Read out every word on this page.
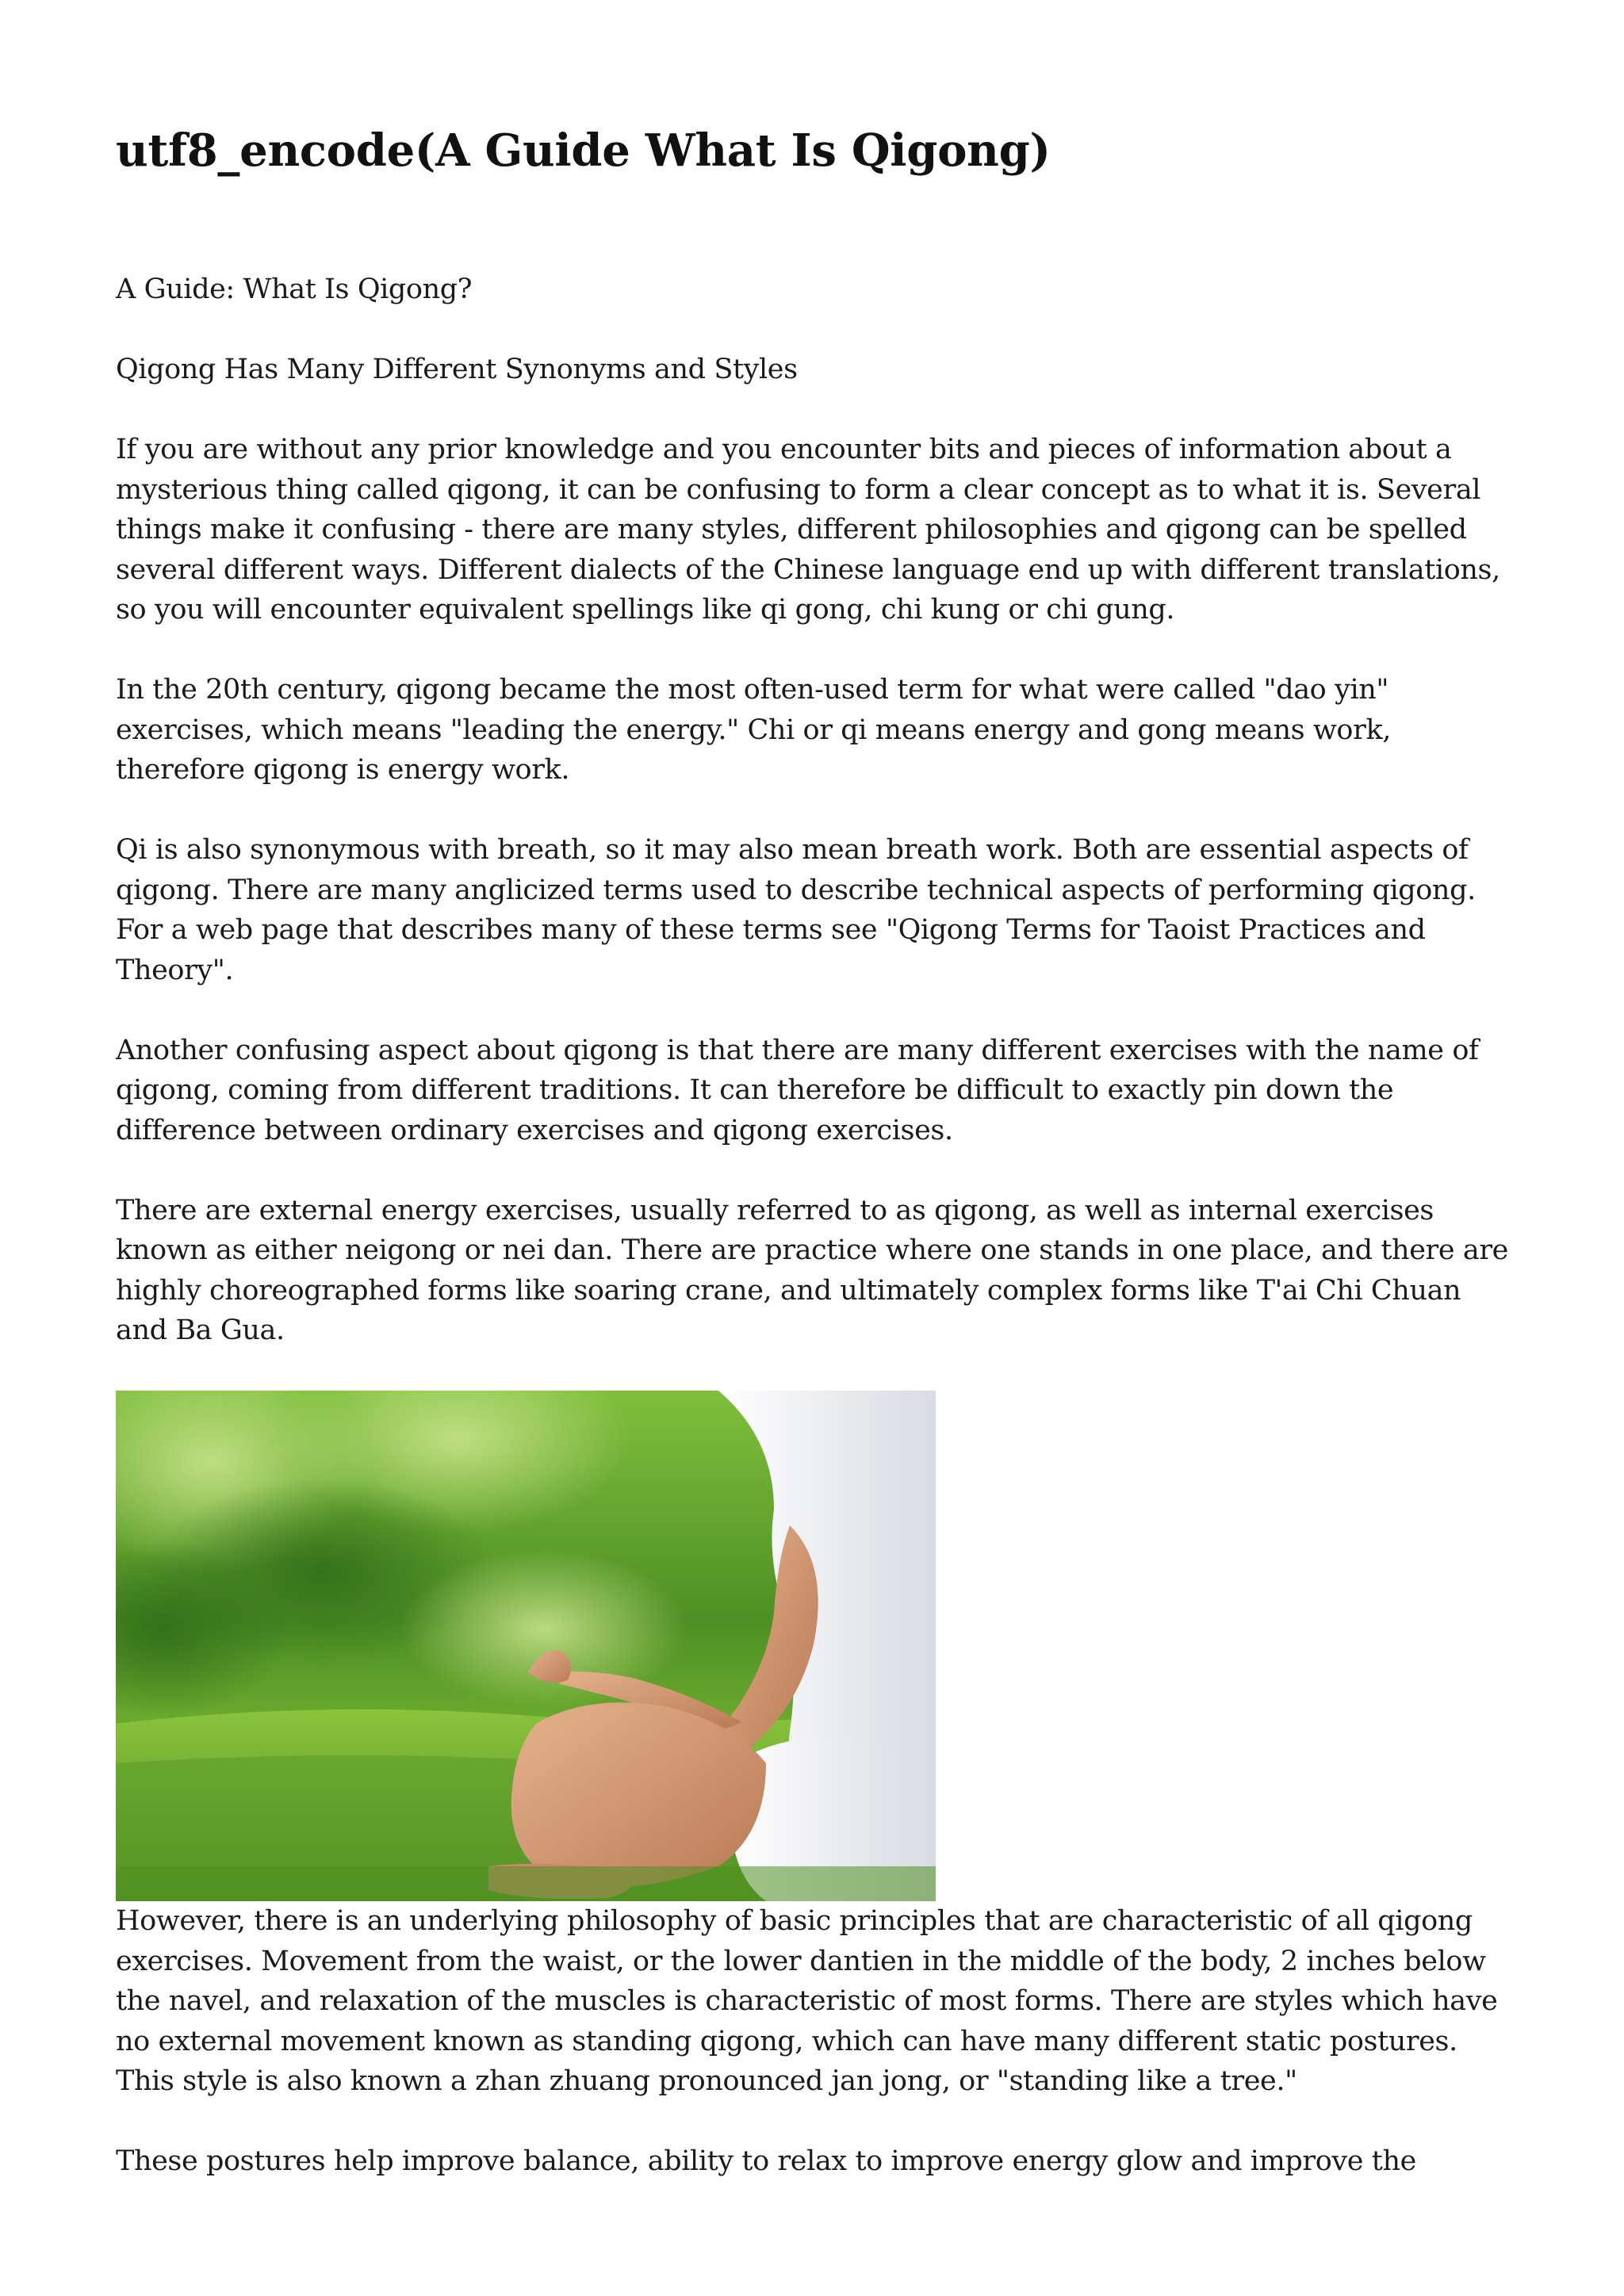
utf8_encode(A Guide What Is Qigong)

A Guide: What Is Qigong?

Qigong Has Many Different Synonyms and Styles

If you are without any prior knowledge and you encounter bits and pieces of information about a mysterious thing called qigong, it can be confusing to form a clear concept as to what it is. Several things make it confusing - there are many styles, different philosophies and qigong can be spelled several different ways. Different dialects of the Chinese language end up with different translations, so you will encounter equivalent spellings like qi gong, chi kung or chi gung.

In the 20th century, qigong became the most often-used term for what were called "dao yin" exercises, which means "leading the energy." Chi or qi means energy and gong means work, therefore qigong is energy work.

Qi is also synonymous with breath, so it may also mean breath work. Both are essential aspects of qigong. There are many anglicized terms used to describe technical aspects of performing qigong. For a web page that describes many of these terms see "Qigong Terms for Taoist Practices and Theory".

Another confusing aspect about qigong is that there are many different exercises with the name of qigong, coming from different traditions. It can therefore be difficult to exactly pin down the difference between ordinary exercises and qigong exercises.

There are external energy exercises, usually referred to as qigong, as well as internal exercises known as either neigong or nei dan. There are practice where one stands in one place, and there are highly choreographed forms like soaring crane, and ultimately complex forms like T'ai Chi Chuan and Ba Gua.

However, there is an underlying philosophy of basic principles that are characteristic of all qigong exercises. Movement from the waist, or the lower dantien in the middle of the body, 2 inches below the navel, and relaxation of the muscles is characteristic of most forms. There are styles which have no external movement known as standing qigong, which can have many different static postures. This style is also known a zhan zhuang pronounced jan jong, or "standing like a tree."

These postures help improve balance, ability to relax to improve energy glow and improve the
